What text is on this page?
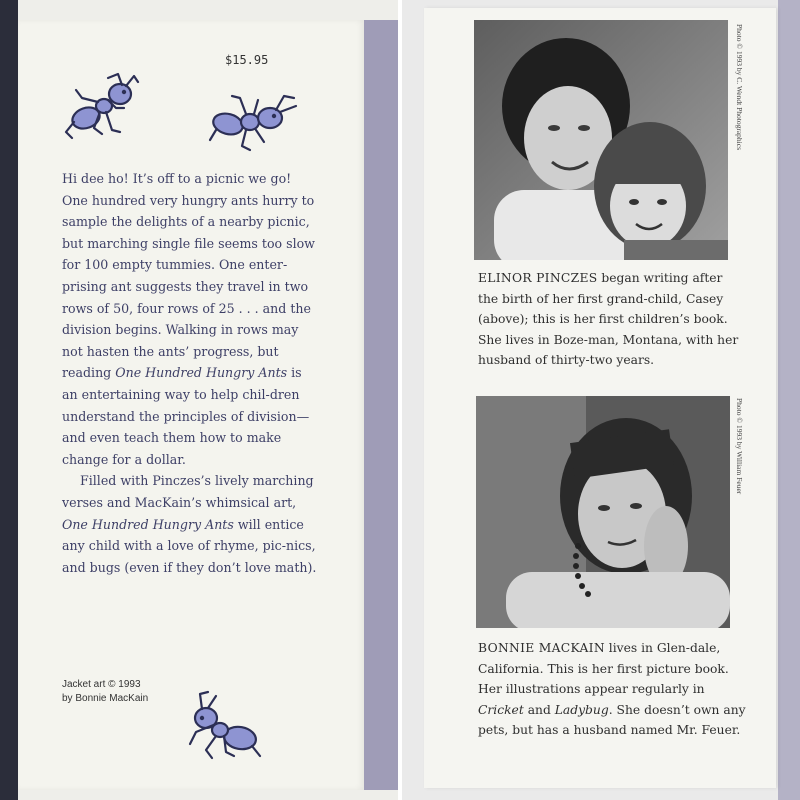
$15.95

Hi dee ho! It’s off to a picnic we go! One hundred very hungry ants hurry to sample the delights of a nearby picnic, but marching single file seems too slow for 100 empty tummies. One enter-prising ant suggests they travel in two rows of 50, four rows of 25 . . . and the division begins. Walking in rows may not hasten the ants’ progress, but reading One Hundred Hungry Ants is an entertaining way to help chil-dren understand the principles of division—and even teach them how to make change for a dollar.

Filled with Pinczes’s lively marching verses and MacKain’s whimsical art, One Hundred Hungry Ants will entice any child with a love of rhyme, pic-nics, and bugs (even if they don’t love math).

Jacket art © 1993
by Bonnie MacKain
Photo © 1993 by C. Wendt Photographics
ELINOR PINCZES began writing after the birth of her first grand-child, Casey (above); this is her first children’s book. She lives in Boze-man, Montana, with her husband of thirty-two years.
Photo © 1993 by William Feuer
BONNIE MACKAIN lives in Glen-dale, California. This is her first picture book. Her illustrations appear regularly in Cricket and Ladybug. She doesn’t own any pets, but has a husband named Mr. Feuer.
